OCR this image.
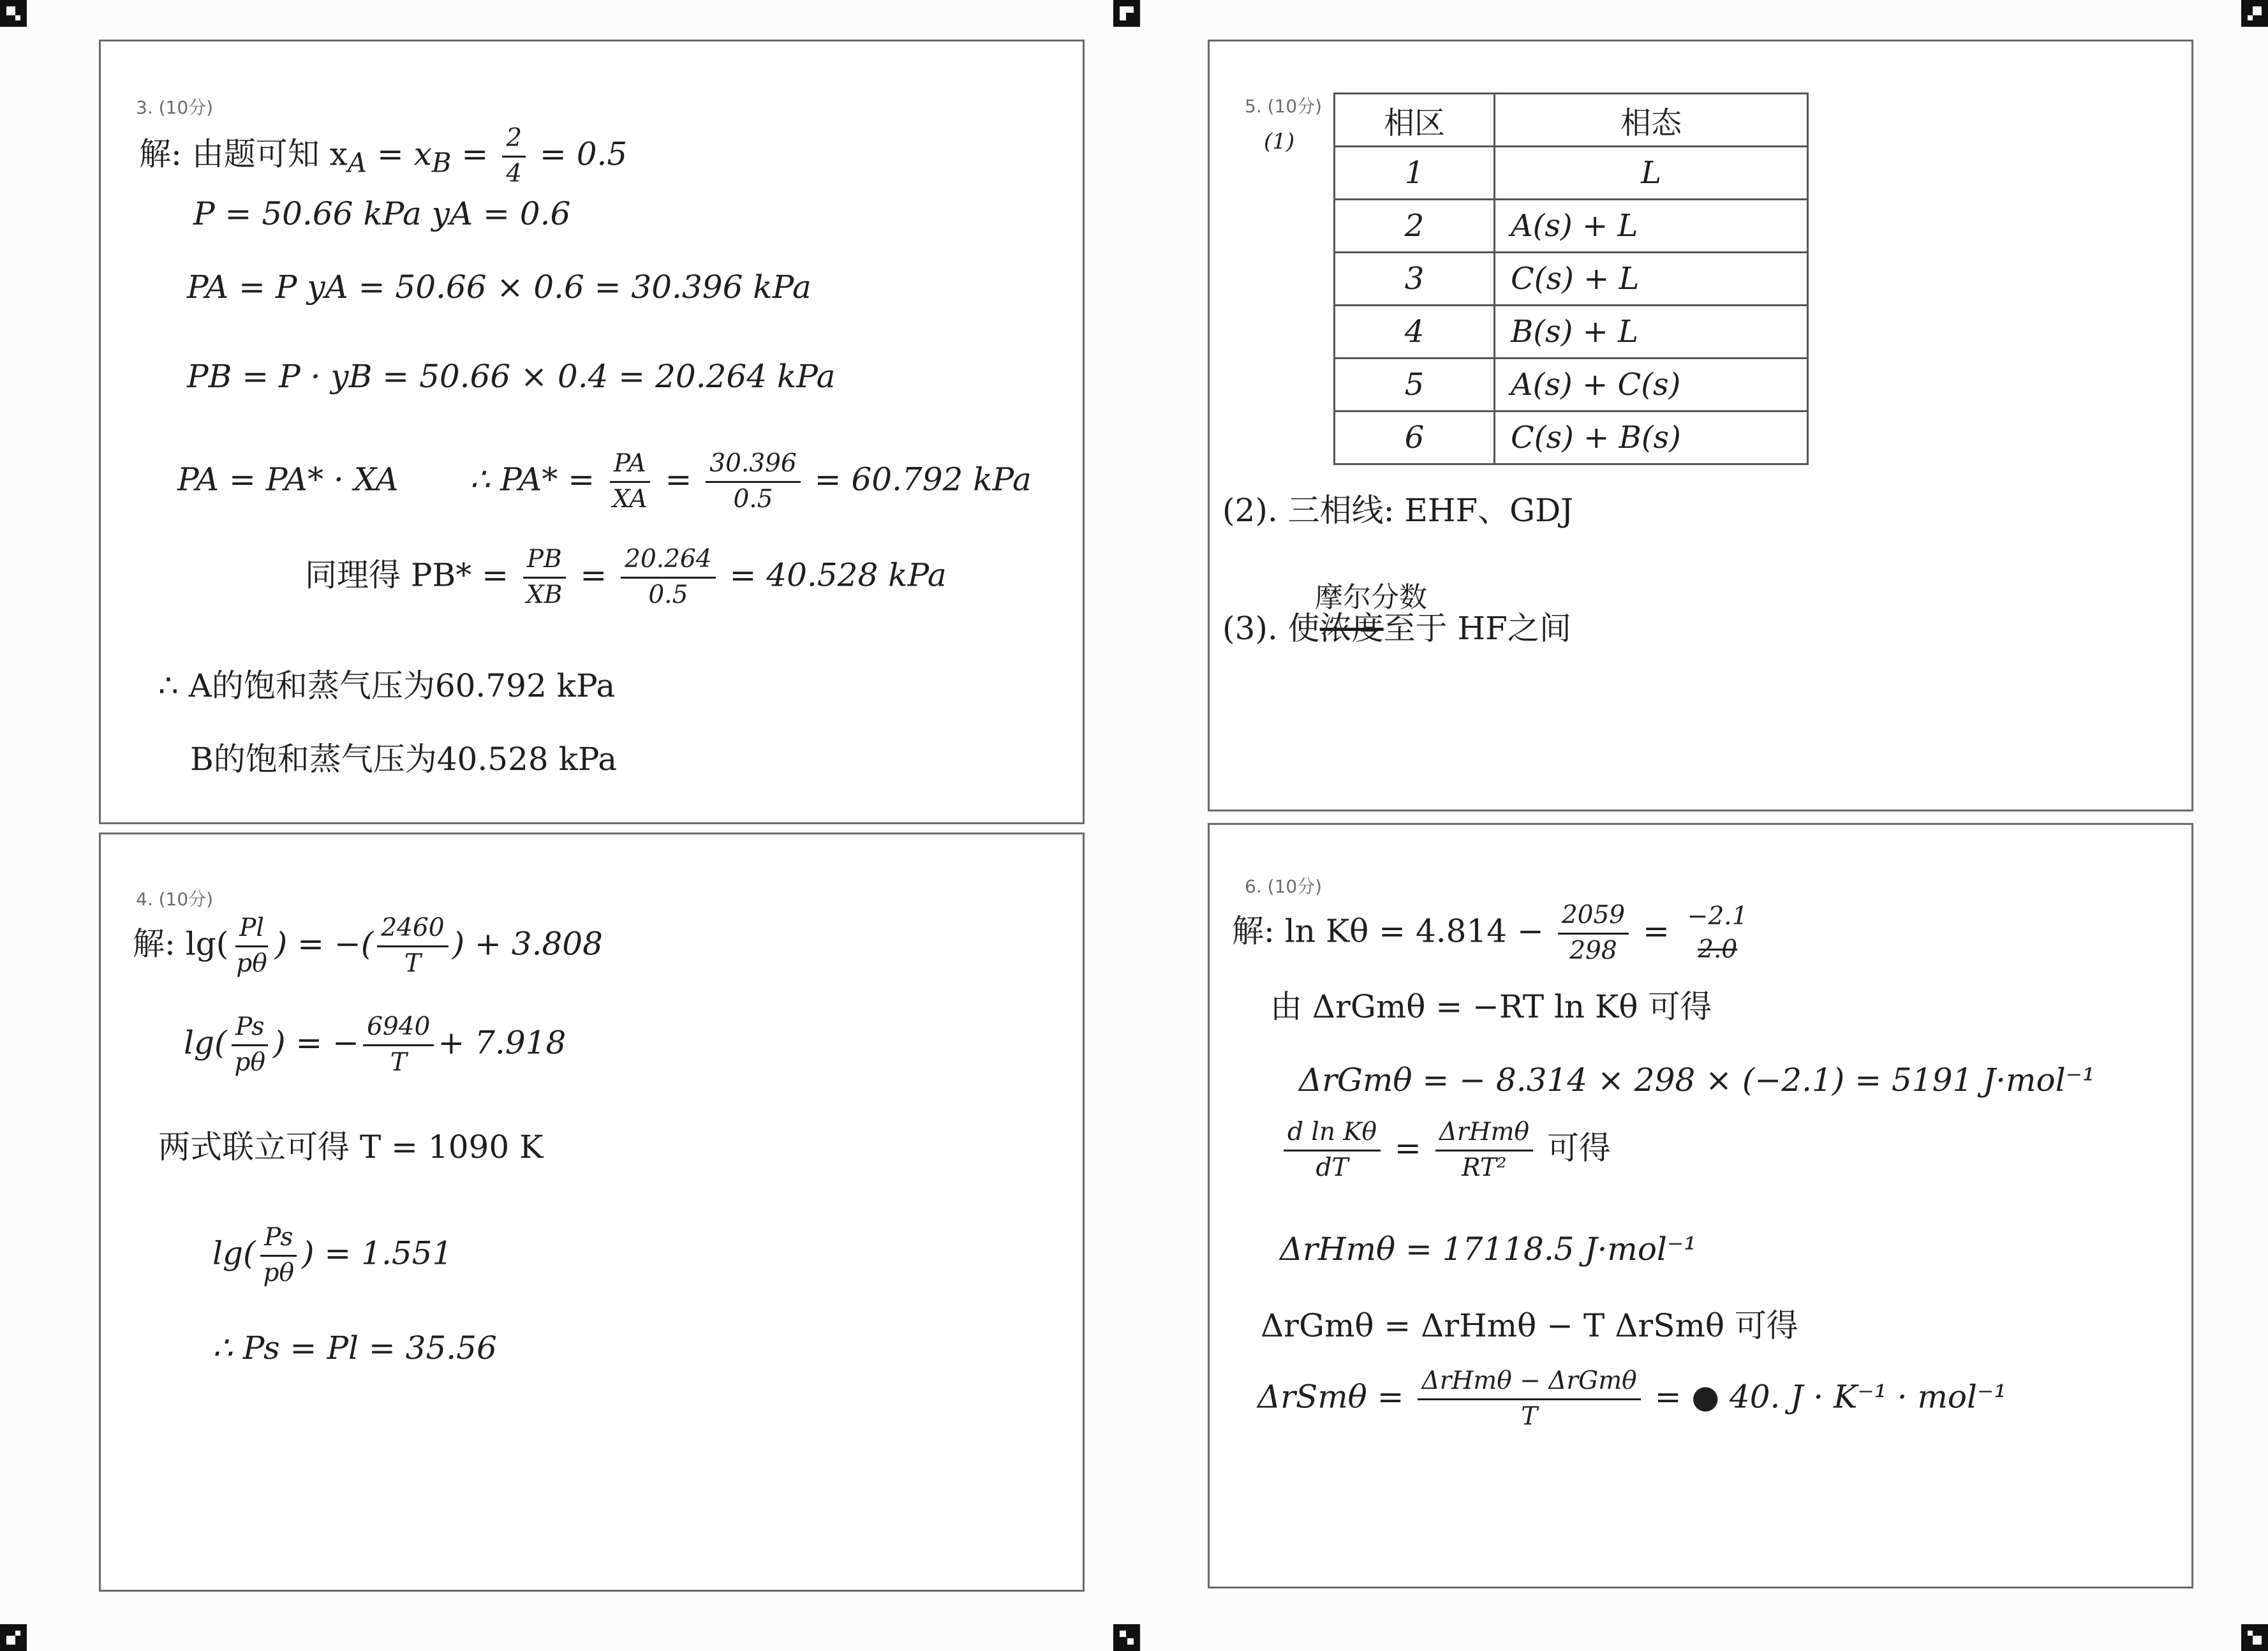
3. (10分)
解: 由题可知 $x_A = x_B = \frac{2}{4} = 0.5$
P = 50.66 kPa yA = 0.6
PA = P yA = 50.66 × 0.6 = 30.396 kPa
PB = P · yB = 50.66 × 0.4 = 20.264 kPa
PA = PA* · XA ∴ $PA* = \frac{PA}{XA} = \frac{30.396}{0.5} = 60.792$ kPa
同理得 $PB* = \frac{PB}{XB} = \frac{20.264}{0.5} = 40.528$ kPa
∴ A的饱和蒸气压为60.792 kPa
B的饱和蒸气压为40.528 kPa
4. (10分)
解: $\lg( \frac{Pl}{p\theta}$ ) = −( $\frac{2460}{T}$ ) + 3.808
$\lg( \frac{Ps}{p\theta}$ ) = − $\frac{6940}{T} + 7.918$
两式联立可得 T = 1090 K
$\lg( \frac{Ps}{p\theta}$ ) = 1.551
∴ Ps = Pl = 35.56
5. (10分)
(1)
(2). 三相线: EHF、GDJ
摩尔分数
(3). 使浓度至于 HF之间
相区	相态
1	L
2	A(s) + L
3	C(s) + L
4	B(s) + L
5	A(s) + C(s)
6	C(s) + B(s)
6. (10分)
解: $\ln K\theta = 4.814 - \frac{2059}{298} = -2.1$
2.0
由 ΔrGmθ = −RT ln Kθ 可得
ΔrGmθ = − 8.314 × 298 × (−2.1) = 5191 J·mol⁻¹
$\frac{\text{d ln Kθ}}{dT} = \frac{\text{ΔrHmθ}}{\text{RT²}}$ 可得
ΔrHmθ = 17118.5 J·mol⁻¹
ΔrGmθ = ΔrHmθ − T ΔrSmθ 可得
$\Delta rSm\theta = \frac{\text{ΔrHmθ − ΔrGmθ}}{T}$ = ● 40. J · K⁻¹ · mol⁻¹
